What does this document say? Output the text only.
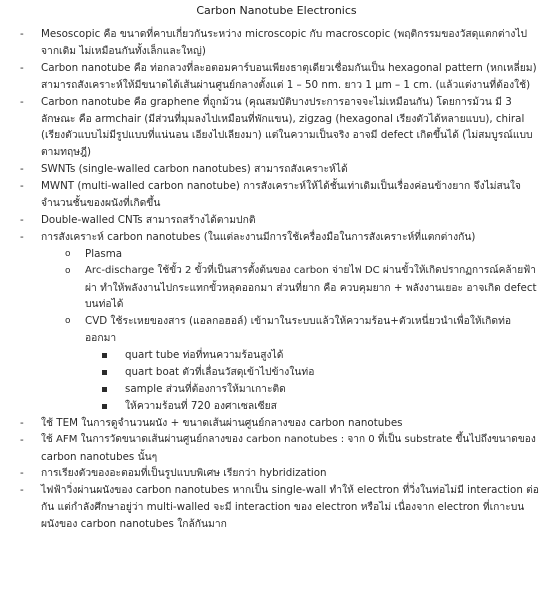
Carbon Nanotube Electronics
- Mesoscopic คือ ขนาดที่คาบเกี่ยวกันระหว่าง microscopic กับ macroscopic (พฤติกรรมของวัสดุแตกต่างไป
จากเดิม ไม่เหมือนกันทั้งเล็กและใหญ่)
- Carbon nanotube คือ ท่อกลวงที่ละอตอมคาร์บอนเพียงธาตุเดียวเชื่อมกันเป็น hexagonal pattern (หกเหลี่ยม)
สามารถสังเคราะห์ให้มีขนาดได้เส้นผ่านศูนย์กลางตั้งแต่ 1 – 50 nm. ยาว 1 µm – 1 cm. (แล้วแต่งานที่ต้องใช้)
- Carbon nanotube คือ graphene ที่ถูกม้วน (คุณสมบัติบางประการอาจจะไม่เหมือนกัน) โดยการม้วน มี 3
ลักษณะ คือ armchair (มีส่วนที่มุมลงไปเหมือนที่พักแขน), zigzag (hexagonal เรียงตัวได้หลายแบบ), chiral
(เรียงตัวแบบไม่มีรูปแบบที่แน่นอน เอียงไปเลียงมา) แต่ในความเป็นจริง อาจมี defect เกิดขึ้นได้ (ไม่สมบูรณ์แบบ
ตามทฤษฎี)
- SWNTs (single-walled carbon nanotubes) สามารถสังเคราะห์ได้
- MWNT (multi-walled carbon nanotube) การสังเคราะห์ให้ได้ชั้นเท่าเดิมเป็นเรื่องค่อนข้างยาก จึงไม่สนใจ
จำนวนชั้นของผนังที่เกิดขึ้น
- Double-walled CNTs สามารถสร้างได้ตามปกติ
- การสังเคราะห์ carbon nanotubes (ในแต่ละงานมีการใช้เครื่องมือในการสังเคราะห์ที่แตกต่างกัน)
o Plasma
o Arc-discharge ใช้ขั้ว 2 ขั้วที่เป็นสารตั้งต้นของ carbon จ่ายไฟ DC ผ่านขั้วให้เกิดปรากฏการณ์คล้ายฟ้า
ผ่า ทำให้พลังงานไปกระแทกขั้วหลุดออกมา ส่วนที่ยาก คือ ควบคุมยาก + พลังงานเยอะ อาจเกิด defect
บนท่อได้
o CVD ใช้ระเหยของสาร (แอลกอฮอล์) เข้ามาในระบบแล้วให้ความร้อน+ตัวเหนี่ยวนำเพื่อให้เกิดท่อ
ออกมา
quart tube ท่อที่ทนความร้อนสูงได้
quart boat ตัวที่เลื่อนวัสดุเข้าไปข้างในท่อ
sample ส่วนที่ต้องการให้มาเกาะติด
ให้ความร้อนที่ 720 องศาเซลเซียส
- ใช้ TEM ในการดูจำนวนผนัง + ขนาดเส้นผ่านศูนย์กลางของ carbon nanotubes
- ใช้ AFM ในการวัดขนาดเส้นผ่านศูนย์กลางของ carbon nanotubes : จาก 0 ที่เป็น substrate ขึ้นไปถึงขนาดของ
carbon nanotubes นั้นๆ
- การเรียงตัวของอะตอมที่เป็นรูปแบบพิเศษ เรียกว่า hybridization
- ไฟฟ้าวิ่งผ่านผนังของ carbon nanotubes หากเป็น single-wall ทำให้ electron ที่วิ่งในท่อไม่มี interaction ต่อ
กัน แต่กำลังศึกษาอยู่ว่า multi-walled จะมี interaction ของ electron หรือไม่ เนื่องจาก electron ที่เกาะบน
ผนังของ carbon nanotubes ใกล้กันมาก
